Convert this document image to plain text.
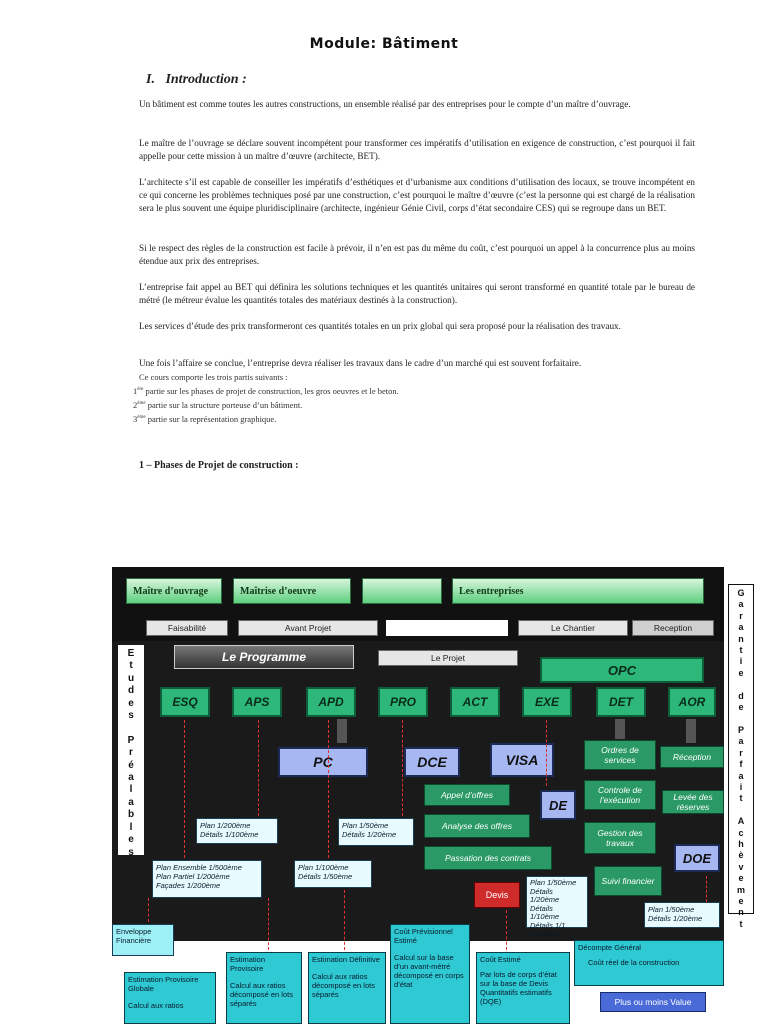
Module: Bâtiment
I.   Introduction :
Un bâtiment est comme toutes les autres constructions, un ensemble réalisé par des entreprises pour le compte d’un maître d’ouvrage.
Le maître de l’ouvrage se déclare souvent incompétent pour transformer ces impératifs d’utilisation en exigence de construction, c’est pourquoi il fait appelle pour cette mission à un maître d’œuvre (architecte, BET).
L’architecte s’il est capable de conseiller les impératifs d’esthétiques et d’urbanisme aux conditions d’utilisation des locaux, se trouve incompétent en ce qui concerne les problèmes techniques posé par une construction, c’est pourquoi le maître d’œuvre (c’est la personne qui est chargé de la réalisation sera le plus souvent une équipe pluridisciplinaire (architecte, ingénieur Génie Civil, corps d’état secondaire CES) qui se regroupe dans un BET.
Si le respect des règles de la construction est facile à prévoir, il n’en est pas du même du coût, c’est pourquoi un appel à la concurrence plus au moins étendue aux prix des entreprises.
L’entreprise fait appel au BET qui définira les solutions techniques et les quantités unitaires qui seront transformé en quantité totale par le bureau de métré (le métreur évalue les quantités totales des matériaux destinés à la construction).
Les services d’étude des prix transformeront ces quantités totales en un prix global qui sera proposé pour la réalisation des travaux.
Une fois l’affaire se conclue, l’entreprise devra réaliser les travaux dans le cadre d’un marché qui est souvent forfaitaire.
Ce cours comporte les trois partis suivants :
1ère partie sur les phases de projet de construction, les gros oeuvres et le beton.
2ème partie sur la structure porteuse d’un bâtiment.
3ème partie sur la représentation graphique.
1 – Phases de Projet de construction :
Maître d’ouvrage	Maîtrise d’oeuvre	Les entreprises
Faisabilité	Avant Projet	Le Chantier	Reception
Le Programme	Le Projet
OPC
E
t
u
d
e
s

P
r
é
a
l
a
b
l
e
s
G
a
r
a
n
t
i
e

d
e

P
a
r
f
a
i
t

A
c
h
è
v
e
m
e
n
t
ESQ	APS	APD	PRO	ACT	EXE	DET	AOR
PC	DCE	VISA
DE
DOE
Appel d’offres
Analyse des offres
Passation des contrats
Ordres de services
Controle de l’exécution
Gestion des travaux
Suivi financier
Réception
Levée des réserves
Devis
Plan 1/200ème
Détails 1/100ème
Plan Ensemble 1/500ème
Plan Partiel 1/200ème
Façades 1/200ème
Plan 1/100ème
Détails 1/50ème
Plan 1/50ème
Détails 1/20ème
Plan 1/50ème
Détails 1/20ème
Détails 1/10ème
Détails 1/1
Prototype
Plan 1/50ème
Détails 1/20ème
Enveloppe Financière
Estimation Provisoire Globale
Calcul aux ratios
Estimation Provisoire
Calcul aux ratios décomposé en lots séparés
Estimation Définitive
Calcul aux ratios décomposé en lots séparés
Coût Prévisionnel Estimé
Calcul sur la base d’un avant-métré décomposé en corps d’état
Coût Estimé
Par lots de corps d’état sur la base de Devis Quantitatifs estimatifs (DQE)
Décompte Général
Coût réel de la construction
Plus ou moins Value
